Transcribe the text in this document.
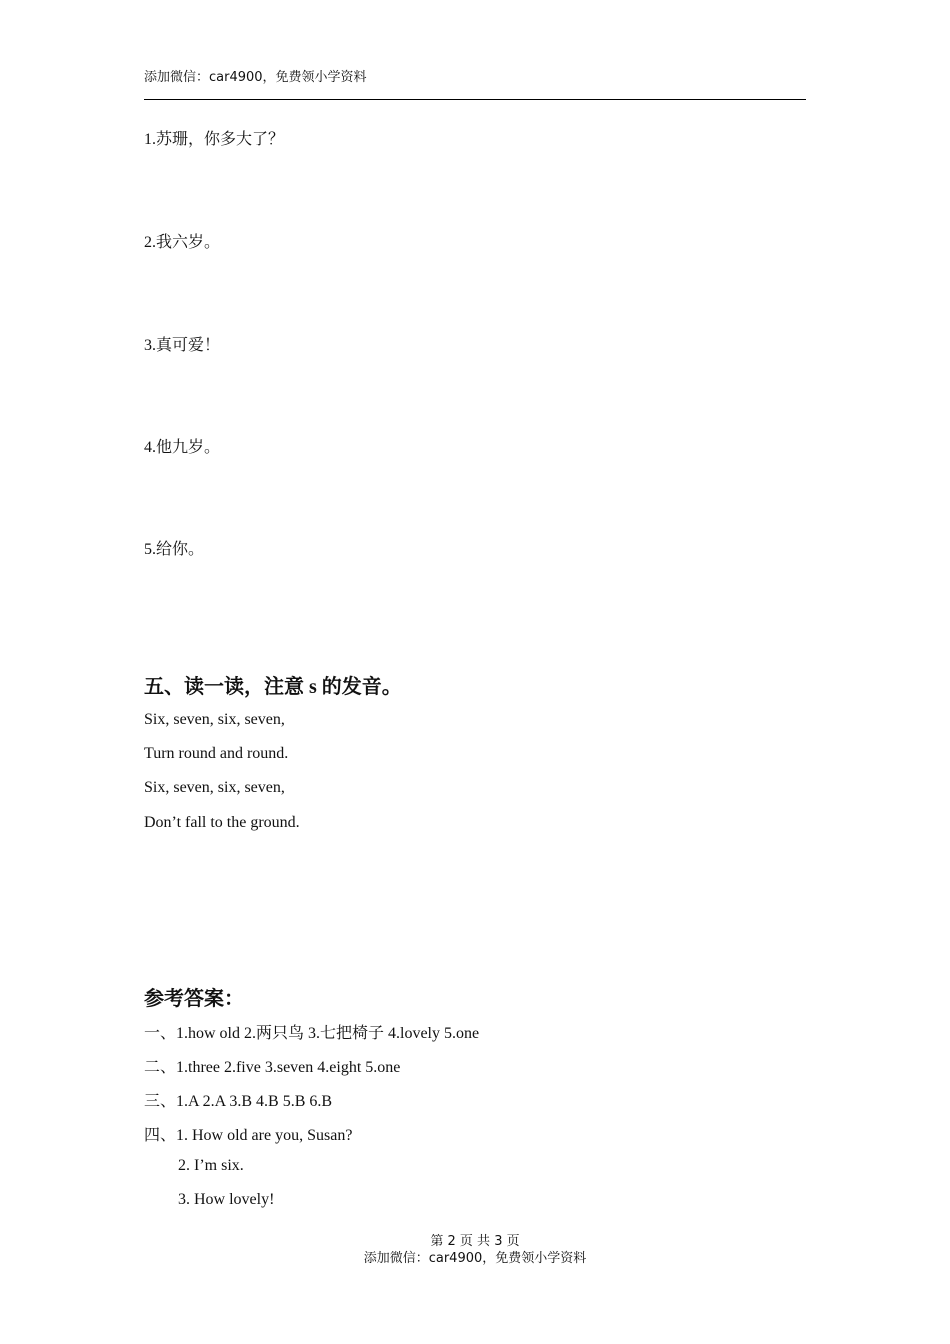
添加微信：car4900，免费领小学资料
1.苏珊，你多大了？
2.我六岁。
3.真可爱！
4.他九岁。
5.给你。
五、读一读，注意 s 的发音。
Six, seven, six, seven,
Turn round and round.
Six, seven, six, seven,
Don’t fall to the ground.
参考答案：
一、1.how old 2.两只鸟 3.七把椅子 4.lovely 5.one
二、1.three 2.five 3.seven 4.eight 5.one
三、1.A 2.A 3.B 4.B 5.B 6.B
四、1. How old are you, Susan?
2. I’m six.
3. How lovely!
第 2 页 共 3 页
添加微信：car4900，免费领小学资料
